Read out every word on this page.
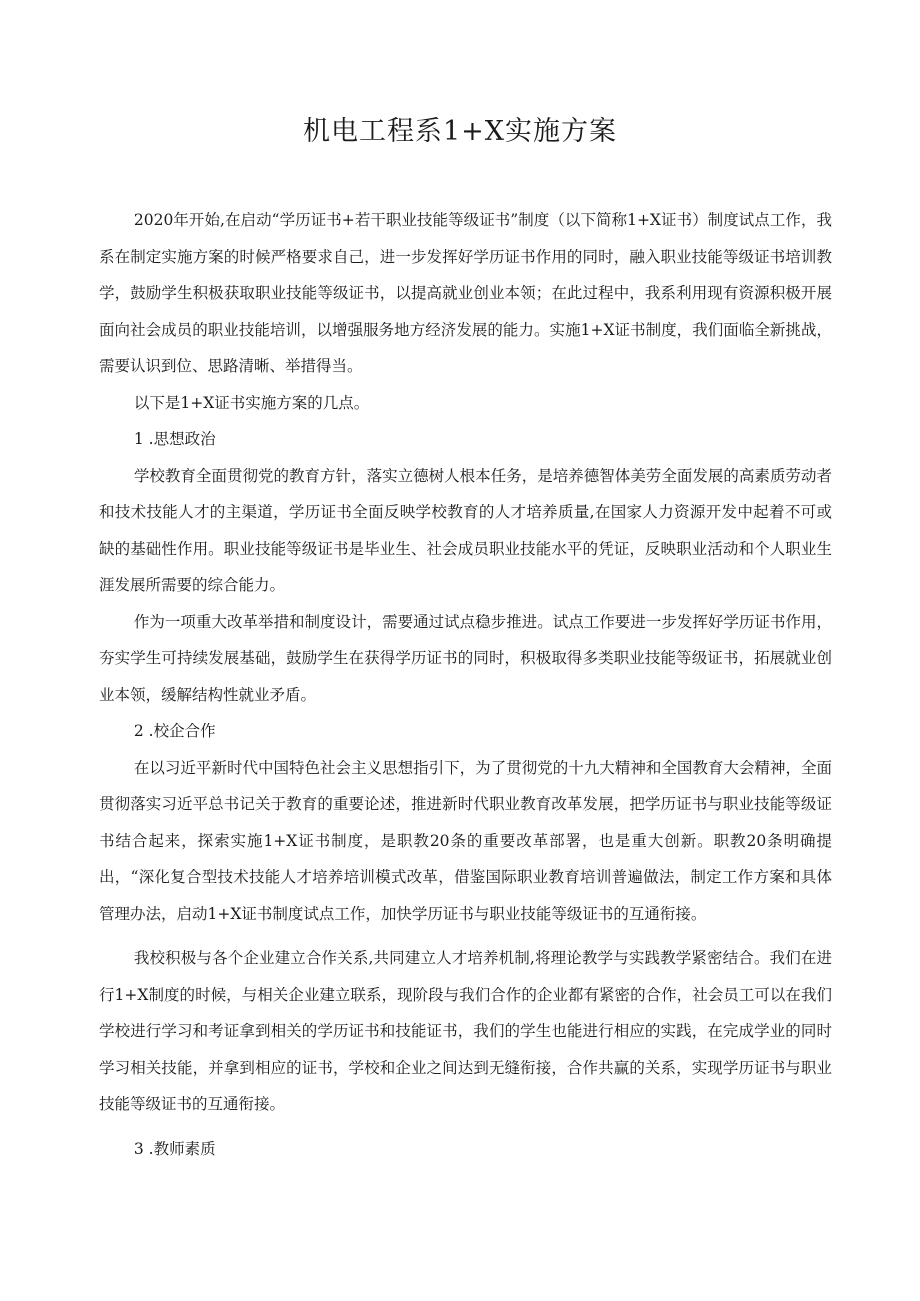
机电工程系1+X实施方案

2020年开始,在启动“学历证书+若干职业技能等级证书”制度（以下简称1+X证书）制度试点工作，我系在制定实施方案的时候严格要求自己，进一步发挥好学历证书作用的同时，融入职业技能等级证书培训教学，鼓励学生积极获取职业技能等级证书，以提高就业创业本领；在此过程中，我系利用现有资源积极开展面向社会成员的职业技能培训，以增强服务地方经济发展的能力。实施1+X证书制度，我们面临全新挑战，需要认识到位、思路清晰、举措得当。

以下是1+X证书实施方案的几点。

1 .思想政治

学校教育全面贯彻党的教育方针，落实立德树人根本任务，是培养德智体美劳全面发展的高素质劳动者和技术技能人才的主渠道，学历证书全面反映学校教育的人才培养质量,在国家人力资源开发中起着不可或缺的基础性作用。职业技能等级证书是毕业生、社会成员职业技能水平的凭证，反映职业活动和个人职业生涯发展所需要的综合能力。

作为一项重大改革举措和制度设计，需要通过试点稳步推进。试点工作要进一步发挥好学历证书作用，夯实学生可持续发展基础，鼓励学生在获得学历证书的同时，积极取得多类职业技能等级证书，拓展就业创业本领，缓解结构性就业矛盾。

2 .校企合作

在以习近平新时代中国特色社会主义思想指引下，为了贯彻党的十九大精神和全国教育大会精神，全面贯彻落实习近平总书记关于教育的重要论述，推进新时代职业教育改革发展，把学历证书与职业技能等级证书结合起来，探索实施1+X证书制度，是职教20条的重要改革部署，也是重大创新。职教20条明确提出，“深化复合型技术技能人才培养培训模式改革，借鉴国际职业教育培训普遍做法，制定工作方案和具体管理办法，启动1+X证书制度试点工作，加快学历证书与职业技能等级证书的互通衔接。

我校积极与各个企业建立合作关系,共同建立人才培养机制,将理论教学与实践教学紧密结合。我们在进行1+X制度的时候，与相关企业建立联系，现阶段与我们合作的企业都有紧密的合作，社会员工可以在我们学校进行学习和考证拿到相关的学历证书和技能证书，我们的学生也能进行相应的实践，在完成学业的同时学习相关技能，并拿到相应的证书，学校和企业之间达到无缝衔接，合作共赢的关系，实现学历证书与职业技能等级证书的互通衔接。

3 .教师素质
